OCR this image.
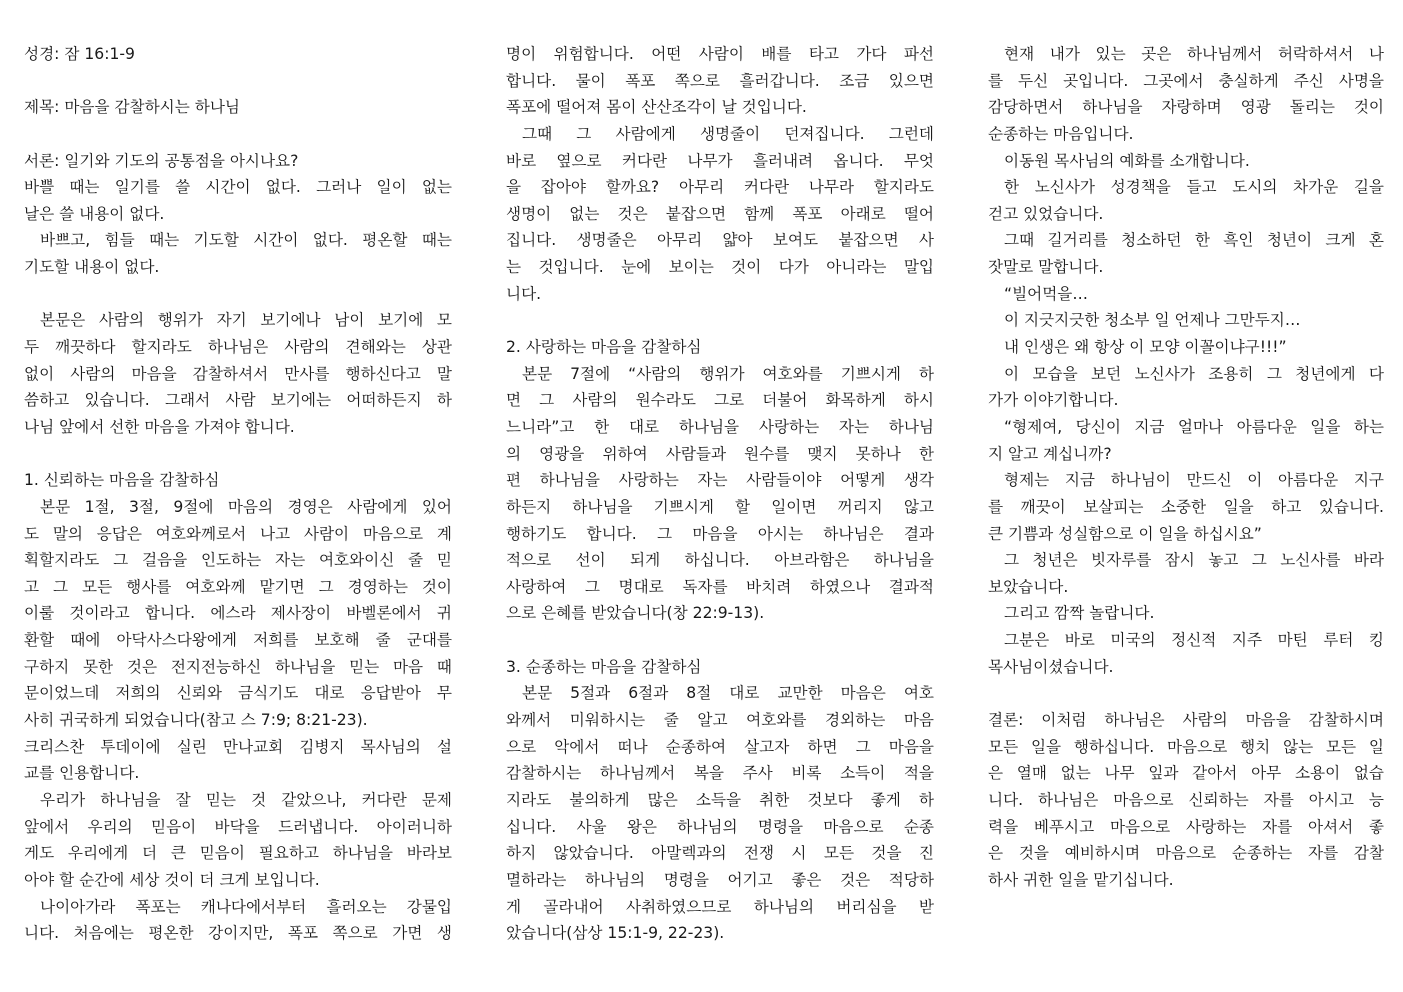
성경: 잠 16:1-9
제목: 마음을 감찰하시는 하나님
서론: 일기와 기도의 공통점을 아시나요?
바쁠 때는 일기를 쓸 시간이 없다. 그러나 일이 없는
날은 쓸 내용이 없다.
바쁘고, 힘들 때는 기도할 시간이 없다. 평온할 때는
기도할 내용이 없다.
본문은 사람의 행위가 자기 보기에나 남이 보기에 모
두 깨끗하다 할지라도 하나님은 사람의 견해와는 상관
없이 사람의 마음을 감찰하셔서 만사를 행하신다고 말
씀하고 있습니다. 그래서 사람 보기에는 어떠하든지 하
나님 앞에서 선한 마음을 가져야 합니다.
1. 신뢰하는 마음을 감찰하심
본문 1절, 3절, 9절에 마음의 경영은 사람에게 있어
도 말의 응답은 여호와께로서 나고 사람이 마음으로 계
획할지라도 그 걸음을 인도하는 자는 여호와이신 줄 믿
고 그 모든 행사를 여호와께 맡기면 그 경영하는 것이
이룰 것이라고 합니다. 에스라 제사장이 바벨론에서 귀
환할 때에 아닥사스다왕에게 저희를 보호해 줄 군대를
구하지 못한 것은 전지전능하신 하나님을 믿는 마음 때
문이었느데 저희의 신뢰와 금식기도 대로 응답받아 무
사히 귀국하게 되었습니다(참고 스 7:9; 8:21-23).
크리스찬 투데이에 실린 만나교회 김병지 목사님의 설
교를 인용합니다.
우리가 하나님을 잘 믿는 것 같았으나, 커다란 문제
앞에서 우리의 믿음이 바닥을 드러냅니다. 아이러니하
게도 우리에게 더 큰 믿음이 필요하고 하나님을 바라보
아야 할 순간에 세상 것이 더 크게 보입니다.
나이아가라 폭포는 캐나다에서부터 흘러오는 강물입
니다. 처음에는 평온한 강이지만, 폭포 쪽으로 가면 생
명이 위험합니다. 어떤 사람이 배를 타고 가다 파선
합니다. 물이 폭포 쪽으로 흘러갑니다. 조금 있으면
폭포에 떨어져 몸이 산산조각이 날 것입니다.
그때 그 사람에게 생명줄이 던져집니다. 그런데
바로 옆으로 커다란 나무가 흘러내려 옵니다. 무엇
을 잡아야 할까요? 아무리 커다란 나무라 할지라도
생명이 없는 것은 붙잡으면 함께 폭포 아래로 떨어
집니다. 생명줄은 아무리 얇아 보여도 붙잡으면 사
는 것입니다. 눈에 보이는 것이 다가 아니라는 말입
니다.
2. 사랑하는 마음을 감찰하심
본문 7절에 “사람의 행위가 여호와를 기쁘시게 하
면 그 사람의 원수라도 그로 더불어 화목하게 하시
느니라”고 한 대로 하나님을 사랑하는 자는 하나님
의 영광을 위하여 사람들과 원수를 맺지 못하나 한
편 하나님을 사랑하는 자는 사람들이야 어떻게 생각
하든지 하나님을 기쁘시게 할 일이면 꺼리지 않고
행하기도 합니다. 그 마음을 아시는 하나님은 결과
적으로 선이 되게 하십니다. 아브라함은 하나님을
사랑하여 그 명대로 독자를 바치려 하였으나 결과적
으로 은혜를 받았습니다(창 22:9-13).
3. 순종하는 마음을 감찰하심
본문 5절과 6절과 8절 대로 교만한 마음은 여호
와께서 미워하시는 줄 알고 여호와를 경외하는 마음
으로 악에서 떠나 순종하여 살고자 하면 그 마음을
감찰하시는 하나님께서 복을 주사 비록 소득이 적을
지라도 불의하게 많은 소득을 취한 것보다 좋게 하
십니다. 사울 왕은 하나님의 명령을 마음으로 순종
하지 않았습니다. 아말렉과의 전쟁 시 모든 것을 진
멸하라는 하나님의 명령을 어기고 좋은 것은 적당하
게 골라내어 사취하였으므로 하나님의 버리심을 받
았습니다(삼상 15:1-9, 22-23).
현재 내가 있는 곳은 하나님께서 허락하셔서 나
를 두신 곳입니다. 그곳에서 충실하게 주신 사명을
감당하면서 하나님을 자랑하며 영광 돌리는 것이
순종하는 마음입니다.
이동원 목사님의 예화를 소개합니다.
한 노신사가 성경책을 들고 도시의 차가운 길을
걷고 있었습니다.
그때 길거리를 청소하던 한 흑인 청년이 크게 혼
잣말로 말합니다.
“빌어먹을…
이 지긋지긋한 청소부 일 언제나 그만두지…
내 인생은 왜 항상 이 모양 이꼴이냐구!!!”
이 모습을 보던 노신사가 조용히 그 청년에게 다
가가 이야기합니다.
“형제여, 당신이 지금 얼마나 아름다운 일을 하는
지 알고 계십니까?
형제는 지금 하나님이 만드신 이 아름다운 지구
를 깨끗이 보살피는 소중한 일을 하고 있습니다.
큰 기쁨과 성실함으로 이 일을 하십시요”
그 청년은 빗자루를 잠시 놓고 그 노신사를 바라
보았습니다.
그리고 깜짝 놀랍니다.
그분은 바로 미국의 정신적 지주 마틴 루터 킹
목사님이셨습니다.
결론: 이처럼 하나님은 사람의 마음을 감찰하시며
모든 일을 행하십니다. 마음으로 행치 않는 모든 일
은 열매 없는 나무 잎과 같아서 아무 소용이 없습
니다. 하나님은 마음으로 신뢰하는 자를 아시고 능
력을 베푸시고 마음으로 사랑하는 자를 아셔서 좋
은 것을 예비하시며 마음으로 순종하는 자를 감찰
하사 귀한 일을 맡기십니다.
